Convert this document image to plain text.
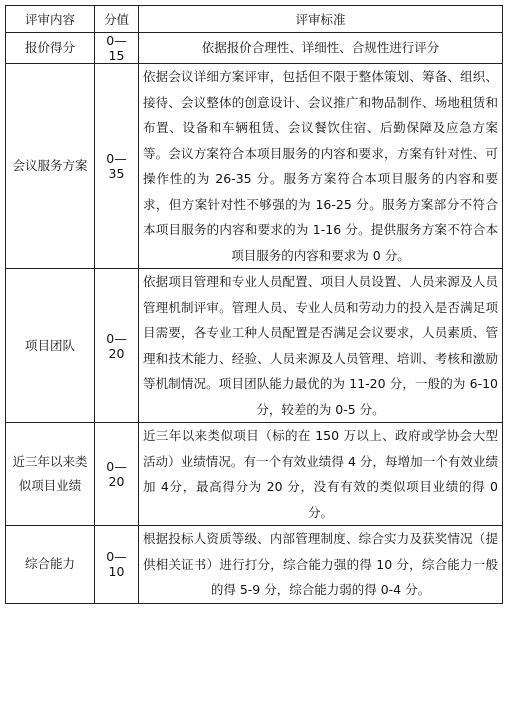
评审内容	分值	评审标准
报价得分	0—15	依据报价合理性、详细性、合规性进行评分
会议服务方案	0—35	依据会议详细方案评审，包括但不限于整体策划、筹备、组织、接待、会议整体的创意设计、会议推广和物品制作、场地租赁和布置、设备和车辆租赁、会议餐饮住宿、后勤保障及应急方案等。会议方案符合本项目服务的内容和要求，方案有针对性、可操作性的为 26-35 分。服务方案符合本项目服务的内容和要求，但方案针对性不够强的为 16-25 分。服务方案部分不符合本项目服务的内容和要求的为 1-16 分。提供服务方案不符合本项目服务的内容和要求为 0 分。
项目团队	0—20	依据项目管理和专业人员配置、项目人员设置、人员来源及人员管理机制评审。管理人员、专业人员和劳动力的投入是否满足项目需要，各专业工种人员配置是否满足会议要求，人员素质、管理和技术能力、经验、人员来源及人员管理、培训、考核和激励等机制情况。项目团队能力最优的为 11-20 分，一般的为 6-10 分，较差的为 0-5 分。
近三年以来类似项目业绩	0—20	近三年以来类似项目（标的在 150 万以上、政府或学协会大型活动）业绩情况。有一个有效业绩得 4 分，每增加一个有效业绩加 4分，最高得分为 20 分，没有有效的类似项目业绩的得 0 分。
综合能力	0—10	根据投标人资质等级、内部管理制度、综合实力及获奖情况（提供相关证书）进行打分，综合能力强的得 10 分，综合能力一般的得 5-9 分，综合能力弱的得 0-4 分。
